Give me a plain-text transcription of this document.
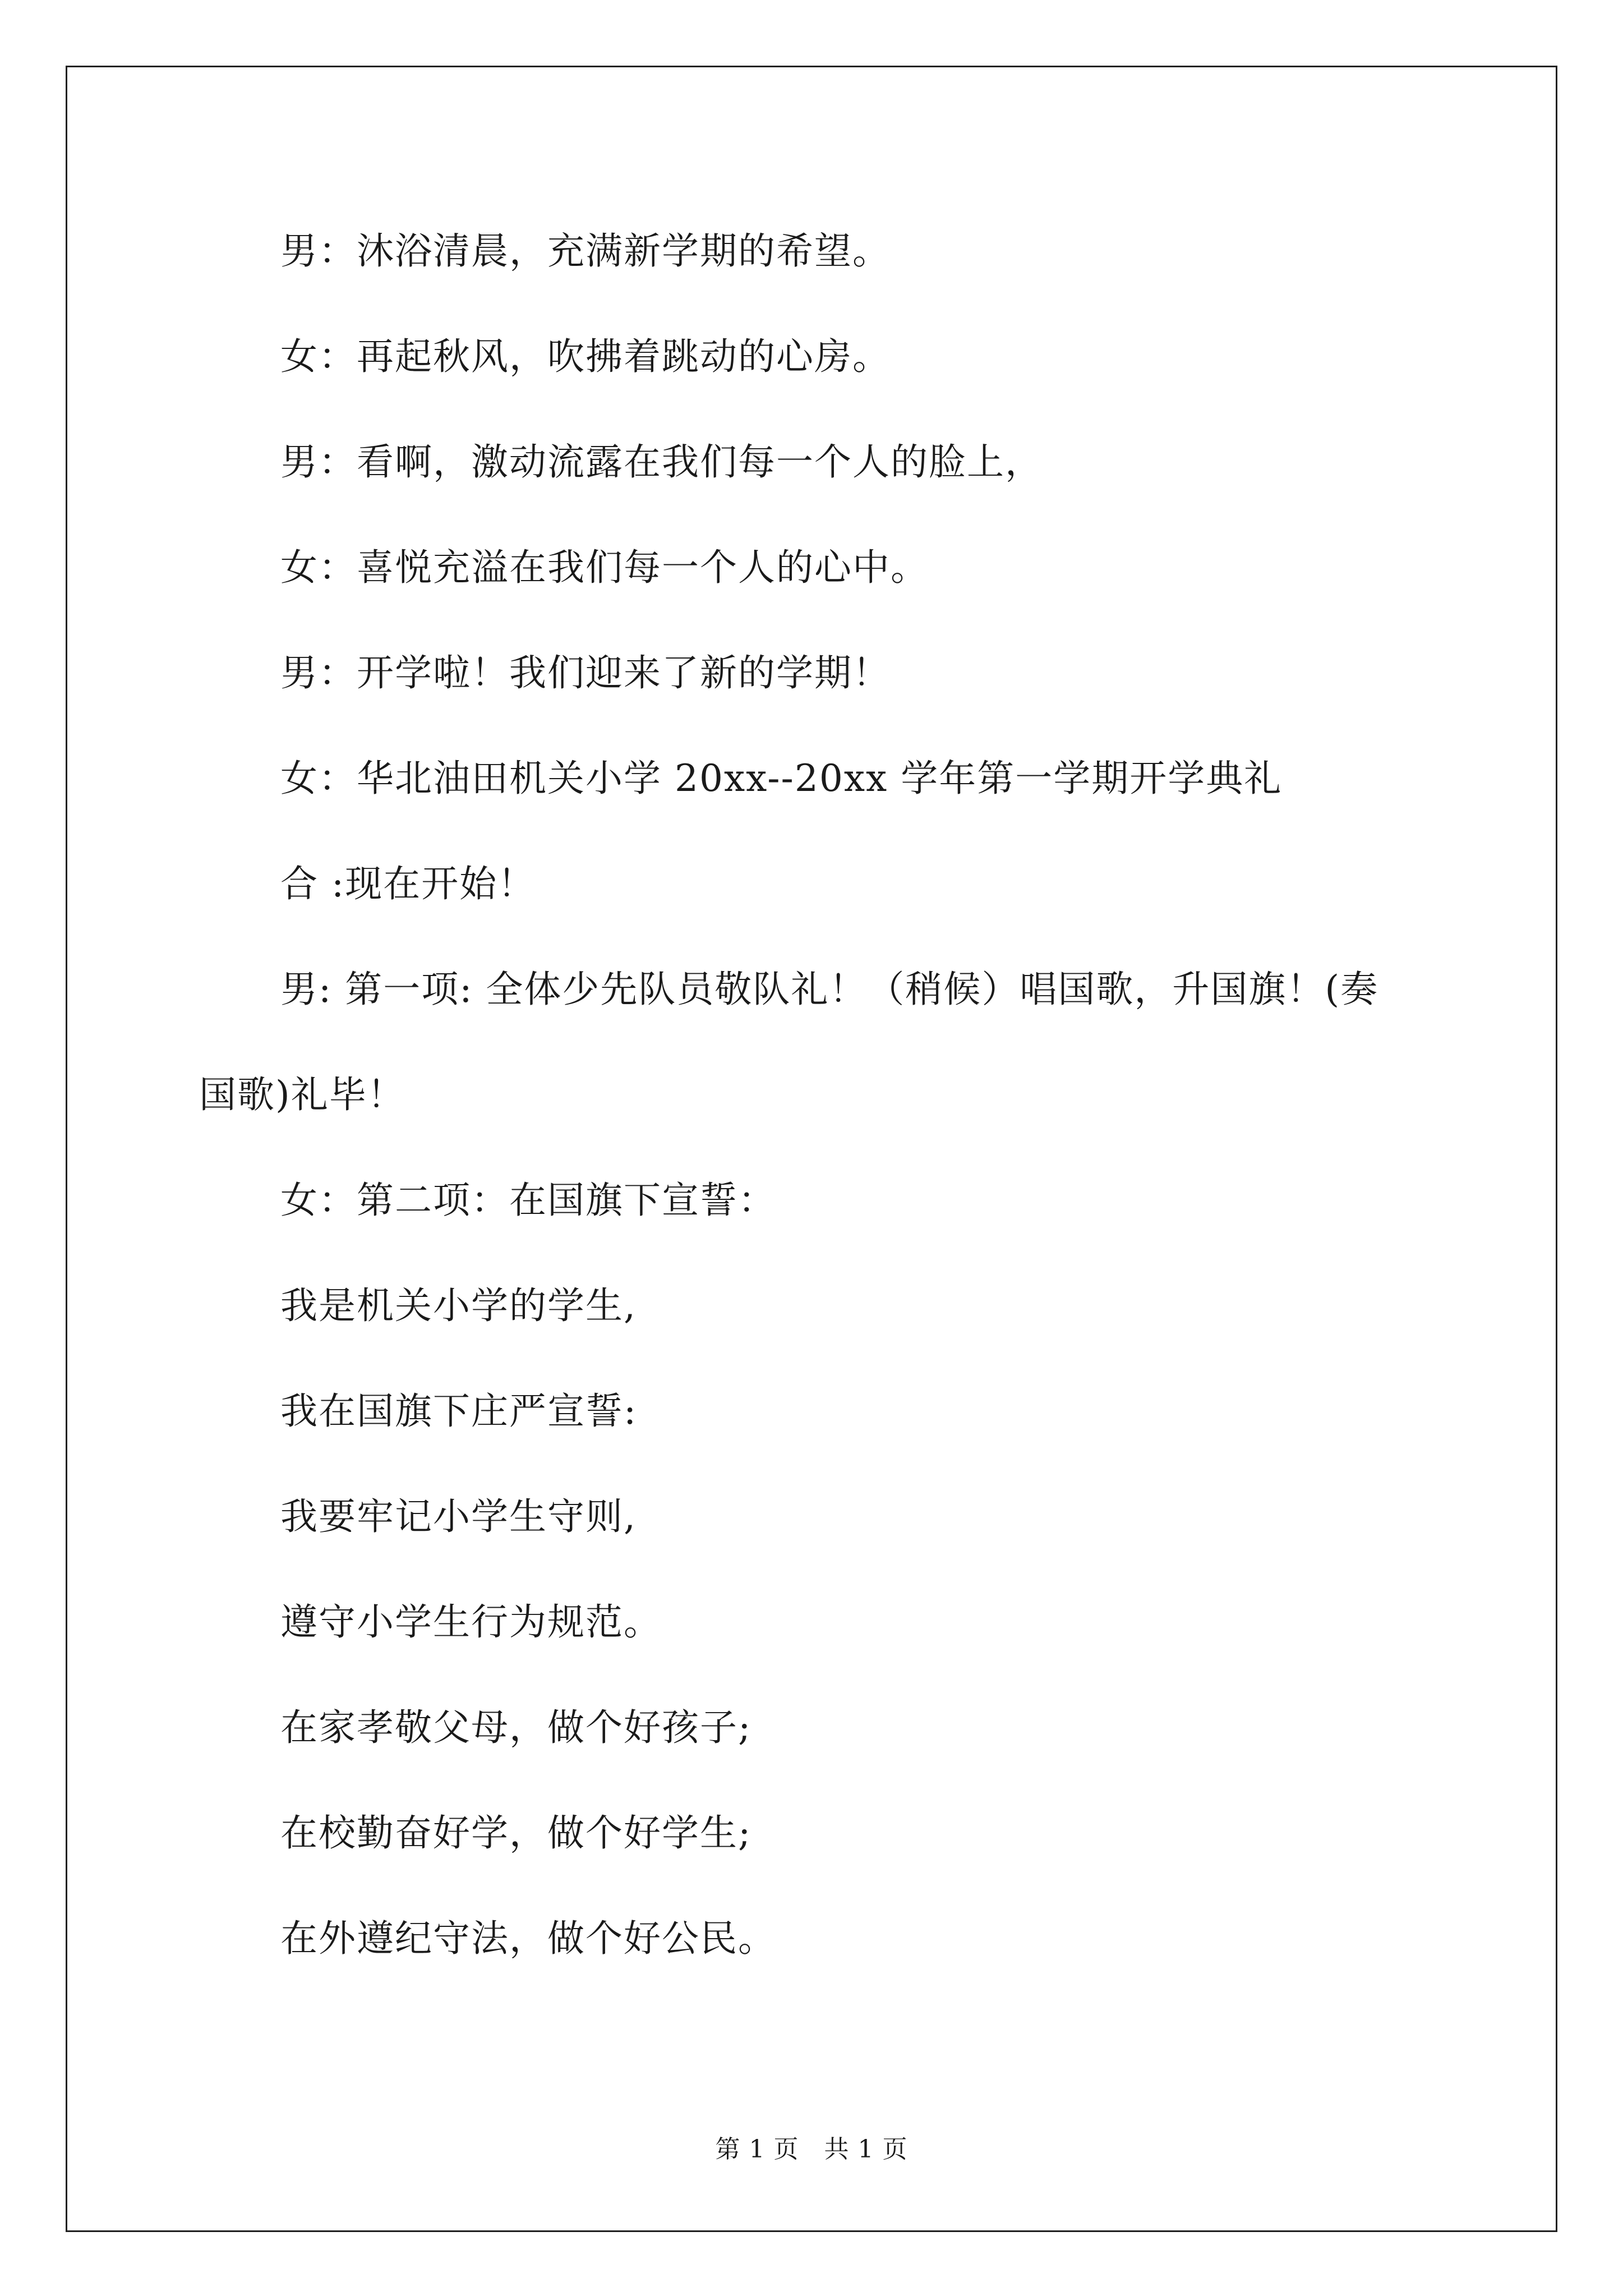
男：沐浴清晨，充满新学期的希望。

女：再起秋风，吹拂着跳动的心房。

男：看啊，激动流露在我们每一个人的脸上，

女：喜悦充溢在我们每一个人的心中。

男：开学啦！我们迎来了新的学期！

女：华北油田机关小学 20xx--20xx 学年第一学期开学典礼

合 :现在开始！

男: 第一项: 全体少先队员敬队礼！（稍候）唱国歌，升国旗！(奏

国歌)礼毕！

女：第二项：在国旗下宣誓：

我是机关小学的学生,

我在国旗下庄严宣誓:

我要牢记小学生守则,

遵守小学生行为规范。

在家孝敬父母，做个好孩子;

在校勤奋好学，做个好学生;

在外遵纪守法，做个好公民。

第 1 页　共 1 页
